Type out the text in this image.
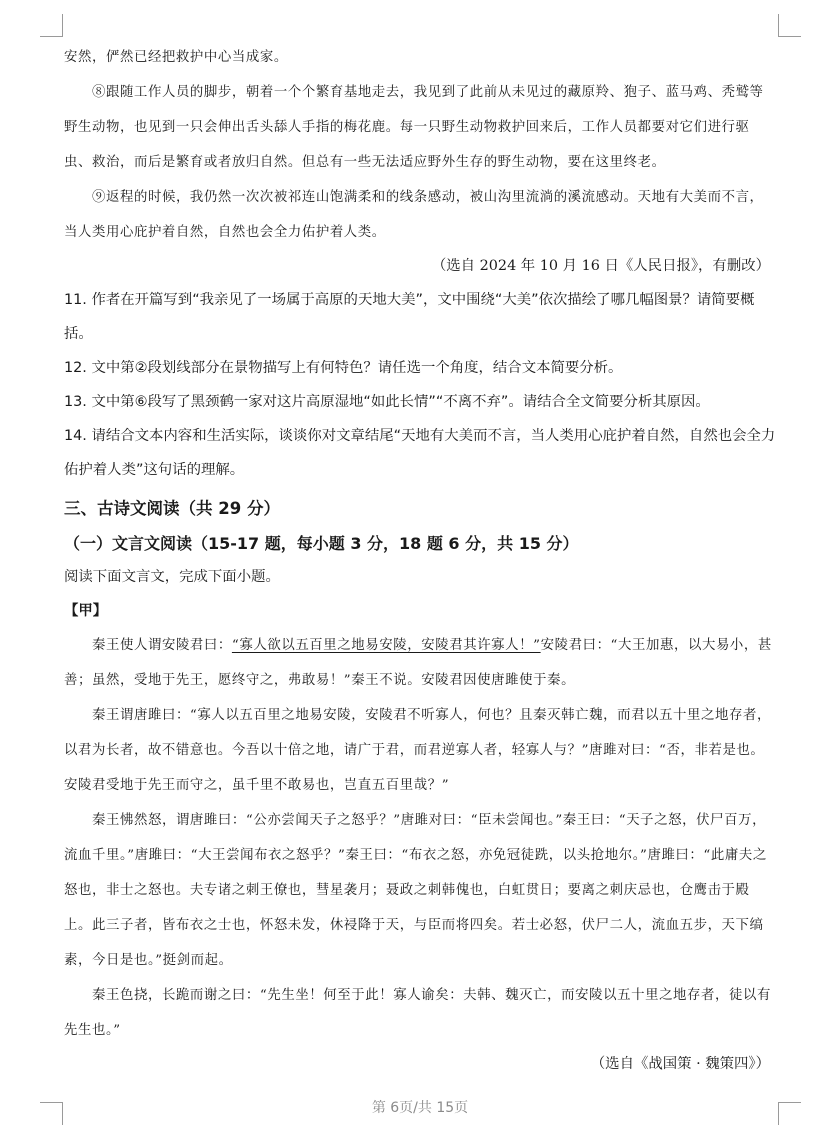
安然，俨然已经把救护中心当成家。

⑧跟随工作人员的脚步，朝着一个个繁育基地走去，我见到了此前从未见过的藏原羚、狍子、蓝马鸡、秃鹫等野生动物，也见到一只会伸出舌头舔人手指的梅花鹿。每一只野生动物救护回来后，工作人员都要对它们进行驱虫、救治，而后是繁育或者放归自然。但总有一些无法适应野外生存的野生动物，要在这里终老。

⑨返程的时候，我仍然一次次被祁连山饱满柔和的线条感动，被山沟里流淌的溪流感动。天地有大美而不言，当人类用心庇护着自然，自然也会全力佑护着人类。

（选自 2024 年 10 月 16 日《人民日报》，有删改）

11. 作者在开篇写到“我亲见了一场属于高原的天地大美”，文中围绕“大美”依次描绘了哪几幅图景？请简要概括。

12. 文中第②段划线部分在景物描写上有何特色？请任选一个角度，结合文本简要分析。

13. 文中第⑥段写了黑颈鹤一家对这片高原湿地“如此长情”“不离不弃”。请结合全文简要分析其原因。

14. 请结合文本内容和生活实际，谈谈你对文章结尾“天地有大美而不言，当人类用心庇护着自然，自然也会全力佑护着人类”这句话的理解。

三、古诗文阅读（共 29 分）

（一）文言文阅读（15-17 题，每小题 3 分，18 题 6 分，共 15 分）

阅读下面文言文，完成下面小题。

【甲】

秦王使人谓安陵君曰：“寡人欲以五百里之地易安陵，安陵君其许寡人！”安陵君曰：“大王加惠，以大易小，甚善；虽然，受地于先王，愿终守之，弗敢易！”秦王不说。安陵君因使唐雎使于秦。

秦王谓唐雎曰：“寡人以五百里之地易安陵，安陵君不听寡人，何也？且秦灭韩亡魏，而君以五十里之地存者，以君为长者，故不错意也。今吾以十倍之地，请广于君，而君逆寡人者，轻寡人与？”唐雎对曰：“否，非若是也。安陵君受地于先王而守之，虽千里不敢易也，岂直五百里哉？”

秦王怫然怒，谓唐雎曰：“公亦尝闻天子之怒乎？”唐雎对曰：“臣未尝闻也。”秦王曰：“天子之怒，伏尸百万，流血千里。”唐雎曰：“大王尝闻布衣之怒乎？”秦王曰：“布衣之怒，亦免冠徒跣，以头抢地尔。”唐雎曰：“此庸夫之怒也，非士之怒也。夫专诸之刺王僚也，彗星袭月；聂政之刺韩傀也，白虹贯日；要离之刺庆忌也，仓鹰击于殿上。此三子者，皆布衣之士也，怀怒未发，休祲降于天，与臣而将四矣。若士必怒，伏尸二人，流血五步，天下缟素，今日是也。”挺剑而起。

秦王色挠，长跪而谢之曰：“先生坐！何至于此！寡人谕矣：夫韩、魏灭亡，而安陵以五十里之地存者，徒以有先生也。”

（选自《战国策 · 魏策四》）

第 6页/共 15页
